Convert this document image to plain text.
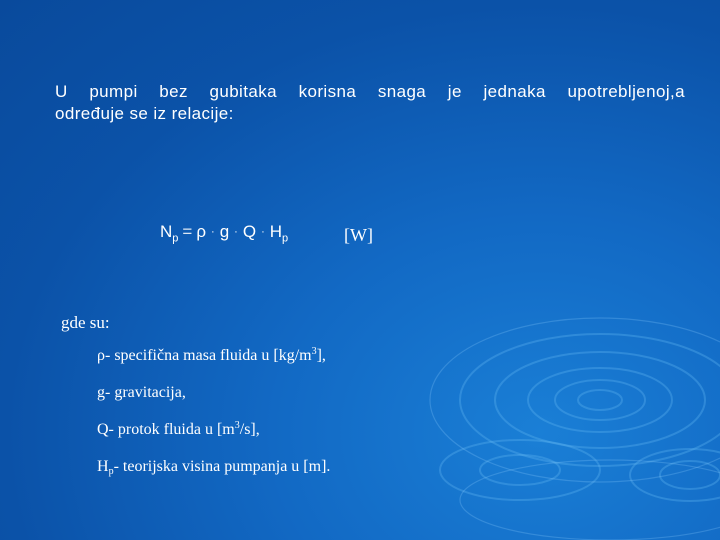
U pumpi bez gubitaka korisna snaga je jednaka upotrebljenoj,a
određuje se iz relacije:
$N_p = \rho \cdot g \cdot Q \cdot H_p$	[W]
gde su:
ρ- specifična masa fluida u $[kg/m^3]$,
g- gravitacija,
Q- protok fluida u $[m^3/s]$,
$H_p-$ teorijska visina pumpanja u [m].
